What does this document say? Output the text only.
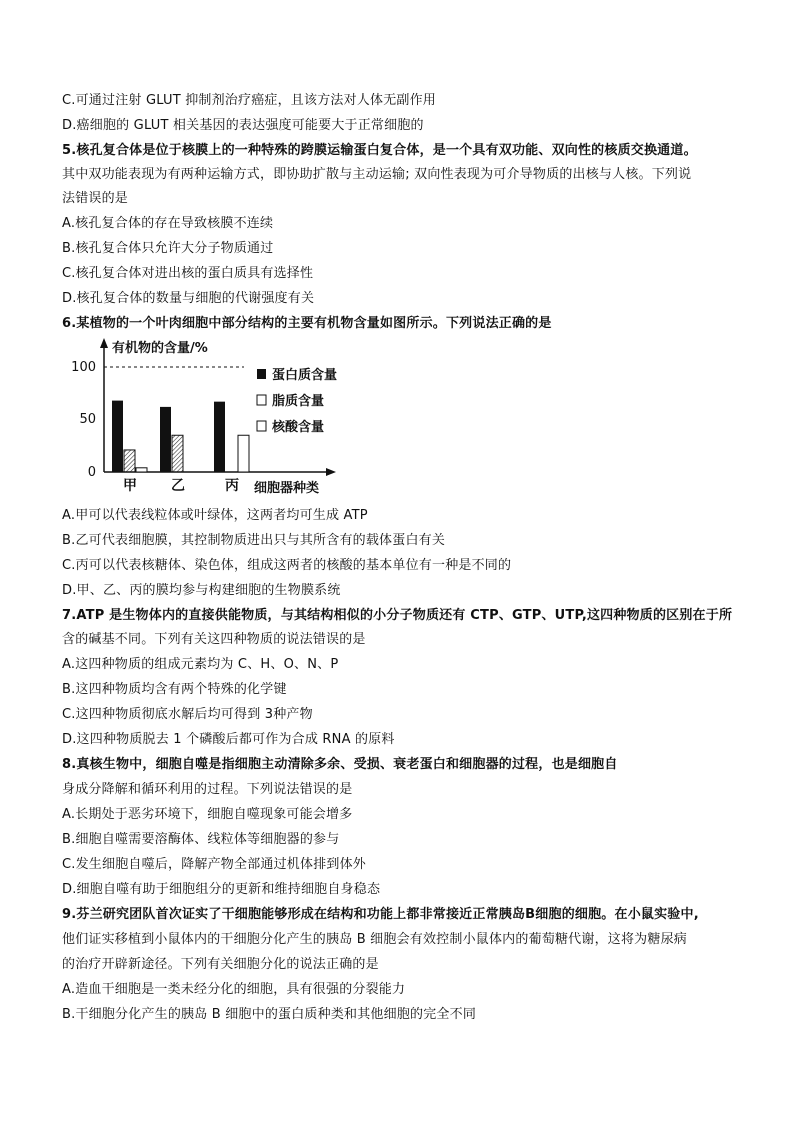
C.可通过注射 GLUT 抑制剂治疗癌症，且该方法对人体无副作用
D.癌细胞的 GLUT 相关基因的表达强度可能要大于正常细胞的
5.核孔复合体是位于核膜上的一种特殊的跨膜运输蛋白复合体，是一个具有双功能、双向性的核质交换通道。
其中双功能表现为有两种运输方式，即协助扩散与主动运输; 双向性表现为可介导物质的出核与人核。下列说
法错误的是
A.核孔复合体的存在导致核膜不连续
B.核孔复合体只允许大分子物质通过
C.核孔复合体对进出核的蛋白质具有选择性
D.核孔复合体的数量与细胞的代谢强度有关
6.某植物的一个叶肉细胞中部分结构的主要有机物含量如图所示。下列说法正确的是
100
50
0
有机物的含量/%
细胞器种类
甲 乙	丙
蛋白质含量
脂质含量
核酸含量
A.甲可以代表线粒体或叶绿体，这两者均可生成 ATP
B.乙可代表细胞膜，其控制物质进出只与其所含有的载体蛋白有关
C.丙可以代表核糖体、染色体，组成这两者的核酸的基本单位有一种是不同的
D.甲、乙、丙的膜均参与构建细胞的生物膜系统
7.ATP 是生物体内的直接供能物质，与其结构相似的小分子物质还有 CTP、GTP、UTP,这四种物质的区别在于所
含的碱基不同。下列有关这四种物质的说法错误的是
A.这四种物质的组成元素均为 C、H、O、N、P
B.这四种物质均含有两个特殊的化学键
C.这四种物质彻底水解后均可得到 3种产物
D.这四种物质脱去 1 个磷酸后都可作为合成 RNA 的原料
8.真核生物中，细胞自噬是指细胞主动清除多余、受损、衰老蛋白和细胞器的过程，也是细胞自
身成分降解和循环利用的过程。下列说法错误的是
A.长期处于恶劣环境下，细胞自噬现象可能会增多
B.细胞自噬需要溶酶体、线粒体等细胞器的参与
C.发生细胞自噬后，降解产物全部通过机体排到体外
D.细胞自噬有助于细胞组分的更新和维持细胞自身稳态
9.芬兰研究团队首次证实了干细胞能够形成在结构和功能上都非常接近正常胰岛B细胞的细胞。在小鼠实验中,
他们证实移植到小鼠体内的干细胞分化产生的胰岛 B 细胞会有效控制小鼠体内的葡萄糖代谢，这将为糖尿病
的治疗开辟新途径。下列有关细胞分化的说法正确的是
A.造血干细胞是一类未经分化的细胞，具有很强的分裂能力
B.干细胞分化产生的胰岛 B 细胞中的蛋白质种类和其他细胞的完全不同
